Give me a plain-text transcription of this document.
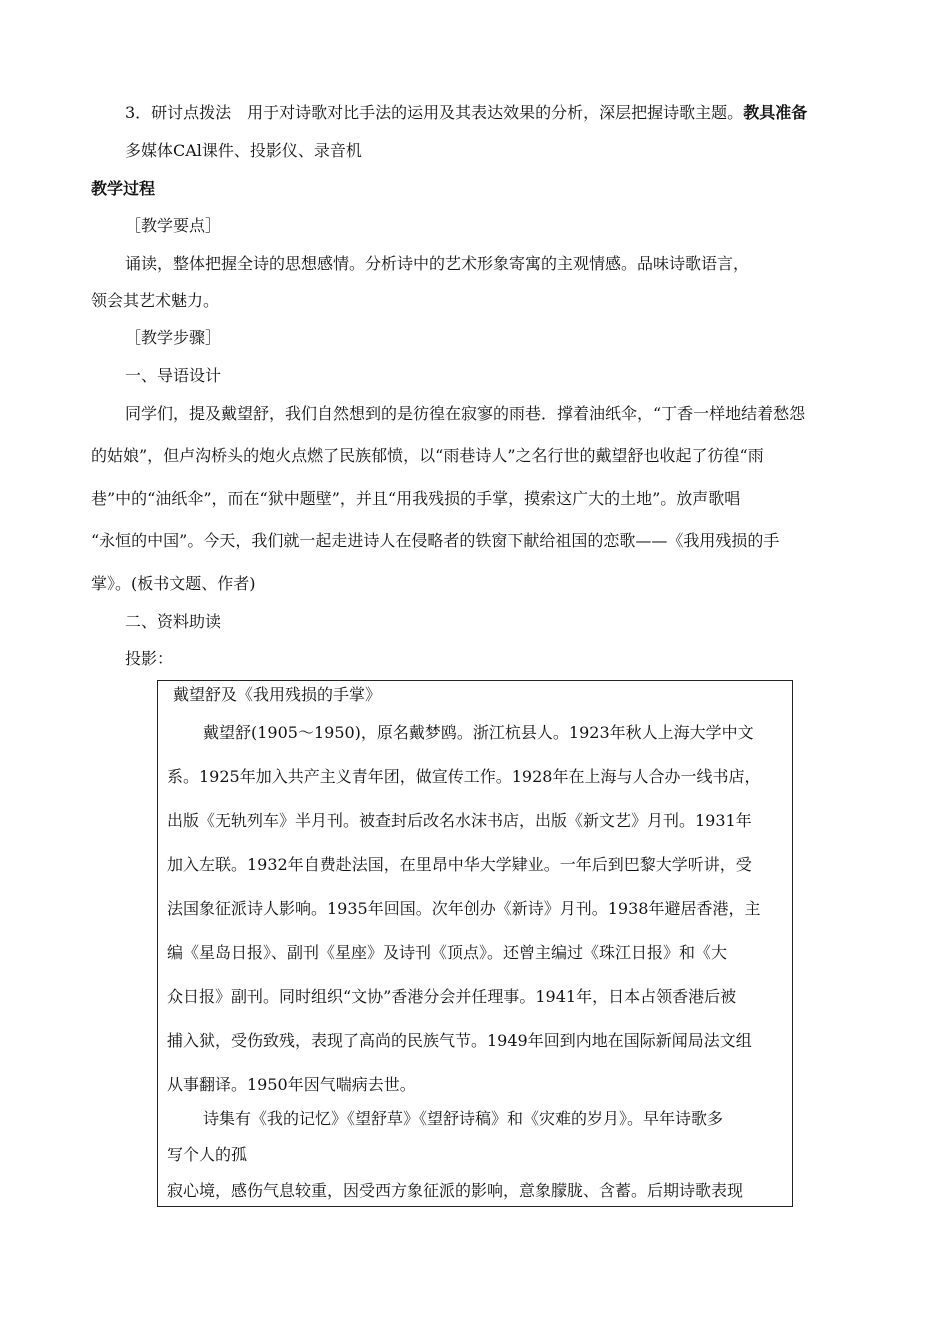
3．研讨点拨法　用于对诗歌对比手法的运用及其表达效果的分析，深层把握诗歌主题。教具准备
多媒体CAl课件、投影仪、录音机
教学过程
［教学要点］
诵读，整体把握全诗的思想感情。分析诗中的艺术形象寄寓的主观情感。品味诗歌语言，
领会其艺术魅力。
［教学步骤］
一、导语设计
同学们，提及戴望舒，我们自然想到的是彷徨在寂寥的雨巷．撑着油纸伞，“丁香一样地结着愁怨
的姑娘”，但卢沟桥头的炮火点燃了民族郁愤，以“雨巷诗人”之名行世的戴望舒也收起了彷徨“雨
巷”中的“油纸伞”，而在“狱中题壁”，并且“用我残损的手掌，摸索这广大的土地”。放声歌唱
“永恒的中国”。今天，我们就一起走进诗人在侵略者的铁窗下献给祖国的恋歌——《我用残损的手
掌》。(板书文题、作者)
二、资料助读
投影：
戴望舒及《我用残损的手掌》
戴望舒(1905～1950)，原名戴梦鸥。浙江杭县人。1923年秋人上海大学中文
系。1925年加入共产主义青年团，做宣传工作。1928年在上海与人合办一线书店，
出版《无轨列车》半月刊。被查封后改名水沫书店，出版《新文艺》月刊。1931年
加入左联。1932年自费赴法国，在里昂中华大学肄业。一年后到巴黎大学听讲，受
法国象征派诗人影响。1935年回国。次年创办《新诗》月刊。1938年避居香港，主
编《星岛日报》、副刊《星座》及诗刊《顶点》。还曾主编过《珠江日报》和《大
众日报》副刊。同时组织“文协”香港分会并任理事。1941年，日本占领香港后被
捕入狱，受伤致残，表现了高尚的民族气节。1949年回到内地在国际新闻局法文组
从事翻译。1950年因气喘病去世。
诗集有《我的记忆》《望舒草》《望舒诗稿》和《灾难的岁月》。早年诗歌多
写个人的孤
寂心境，感伤气息较重，因受西方象征派的影响，意象朦胧、含蓄。后期诗歌表现
